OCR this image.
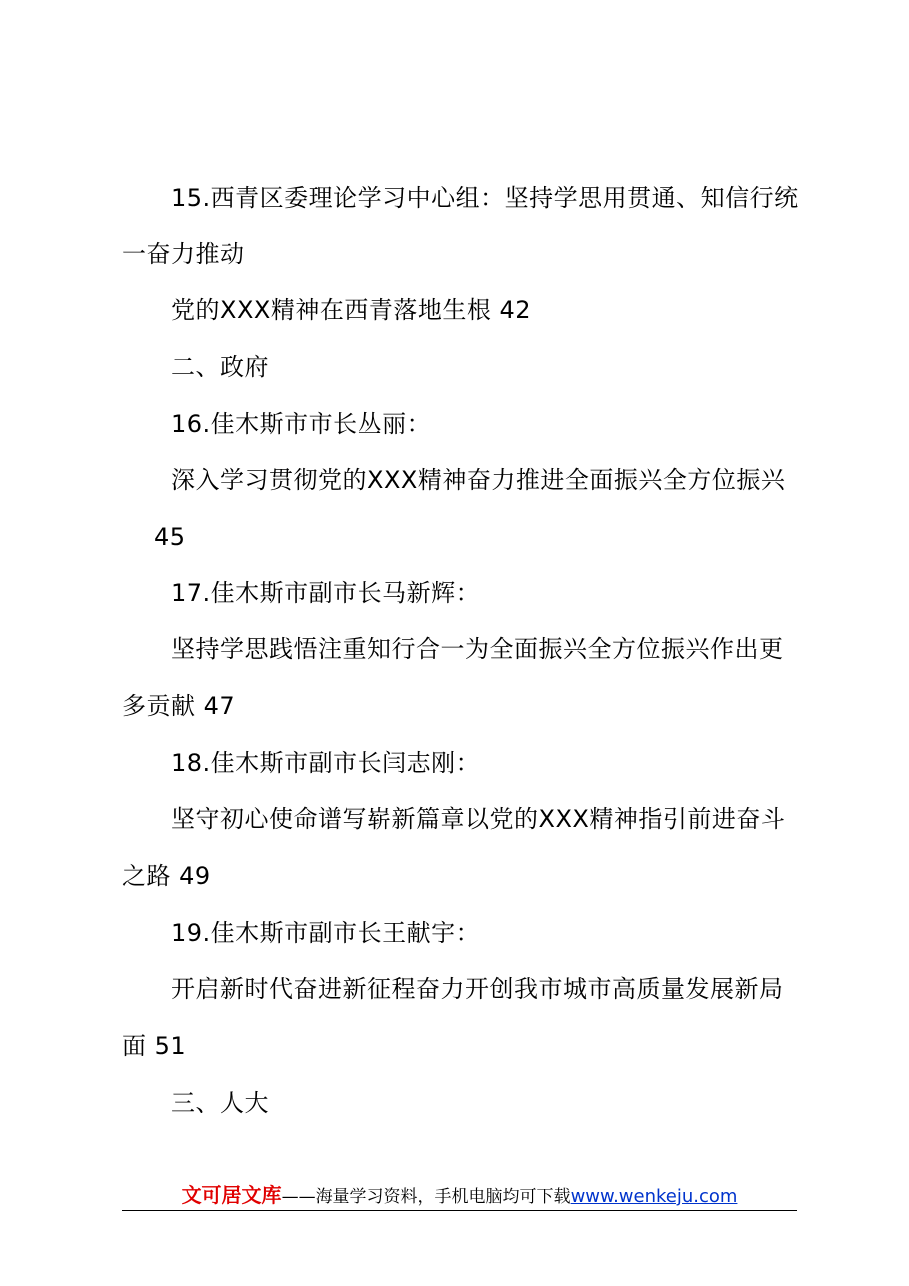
15.西青区委理论学习中心组：坚持学思用贯通、知信行统
一奋力推动
党的XXX精神在西青落地生根 42
二、政府
16.佳木斯市市长丛丽：
深入学习贯彻党的XXX精神奋力推进全面振兴全方位振兴
45
17.佳木斯市副市长马新辉：
坚持学思践悟注重知行合一为全面振兴全方位振兴作出更
多贡献 47
18.佳木斯市副市长闫志刚：
坚守初心使命谱写崭新篇章以党的XXX精神指引前进奋斗
之路 49
19.佳木斯市副市长王献宇：
开启新时代奋进新征程奋力开创我市城市高质量发展新局
面 51
三、人大
文可居文库——海量学习资料，手机电脑均可下载www.wenkeju.com
